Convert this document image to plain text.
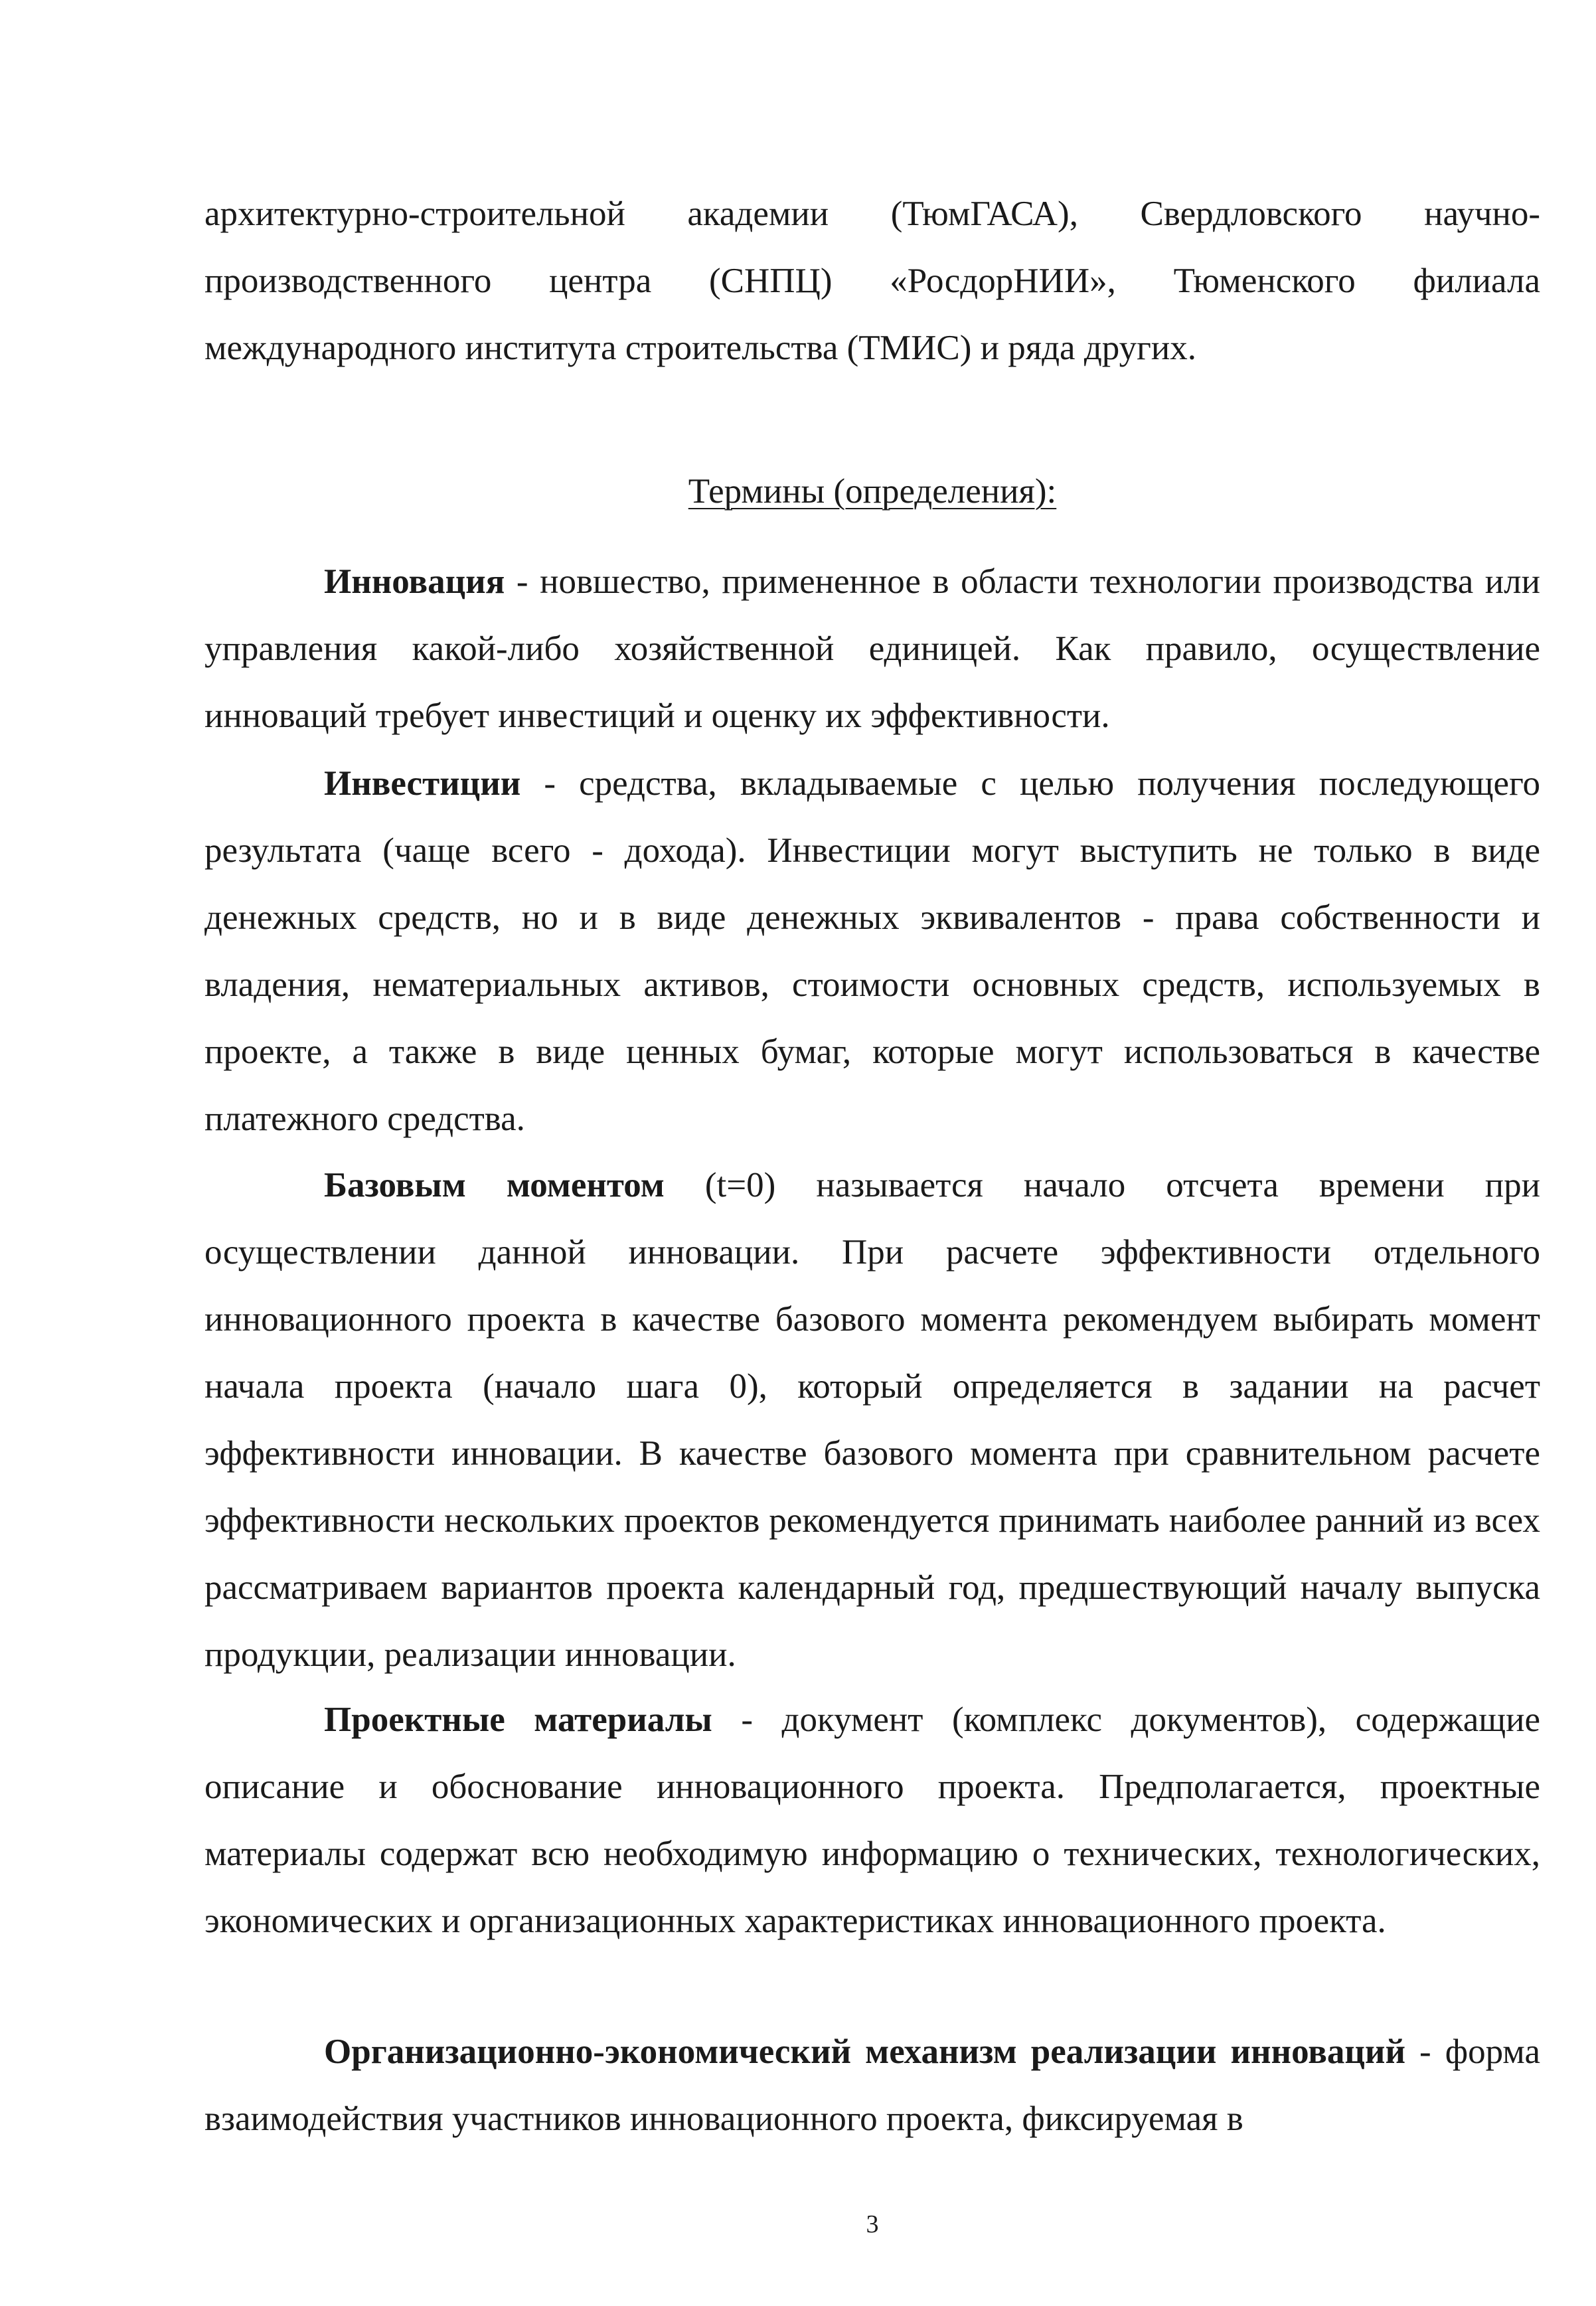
архитектурно-строительной академии (ТюмГАСА), Свердловского научно-производственного центра (СНПЦ) «РосдорНИИ», Тюменского филиала международного института строительства (ТМИС) и ряда других.

Термины (определения):

Инновация - новшество, примененное в области технологии производства или управления какой-либо хозяйственной единицей. Как правило, осуществление инноваций требует инвестиций и оценку их эффективности.

Инвестиции - средства, вкладываемые с целью получения последующего результата (чаще всего - дохода). Инвестиции могут выступить не только в виде денежных средств, но и в виде денежных эквивалентов - права собственности и владения, нематериальных активов, стоимости основных средств, используемых в проекте, а также в виде ценных бумаг, которые могут использоваться в качестве платежного средства.

Базовым моментом (t=0) называется начало отсчета времени при осуществлении данной инновации. При расчете эффективности отдельного инновационного проекта в качестве базового момента рекомендуем выбирать момент начала проекта (начало шага 0), который определяется в задании на расчет эффективности инновации. В качестве базового момента при сравнительном расчете эффективности нескольких проектов рекомендуется принимать наиболее ранний из всех рассматриваем вариантов проекта календарный год, предшествующий началу выпуска продукции, реализации инновации.

Проектные материалы - документ (комплекс документов), содержащие описание и обоснование инновационного проекта. Предполагается, проектные материалы содержат всю необходимую информацию о технических, технологических, экономических и организационных характеристиках инновационного проекта.

Организационно-экономический механизм реализации инноваций - форма взаимодействия участников инновационного проекта, фиксируемая в

3
